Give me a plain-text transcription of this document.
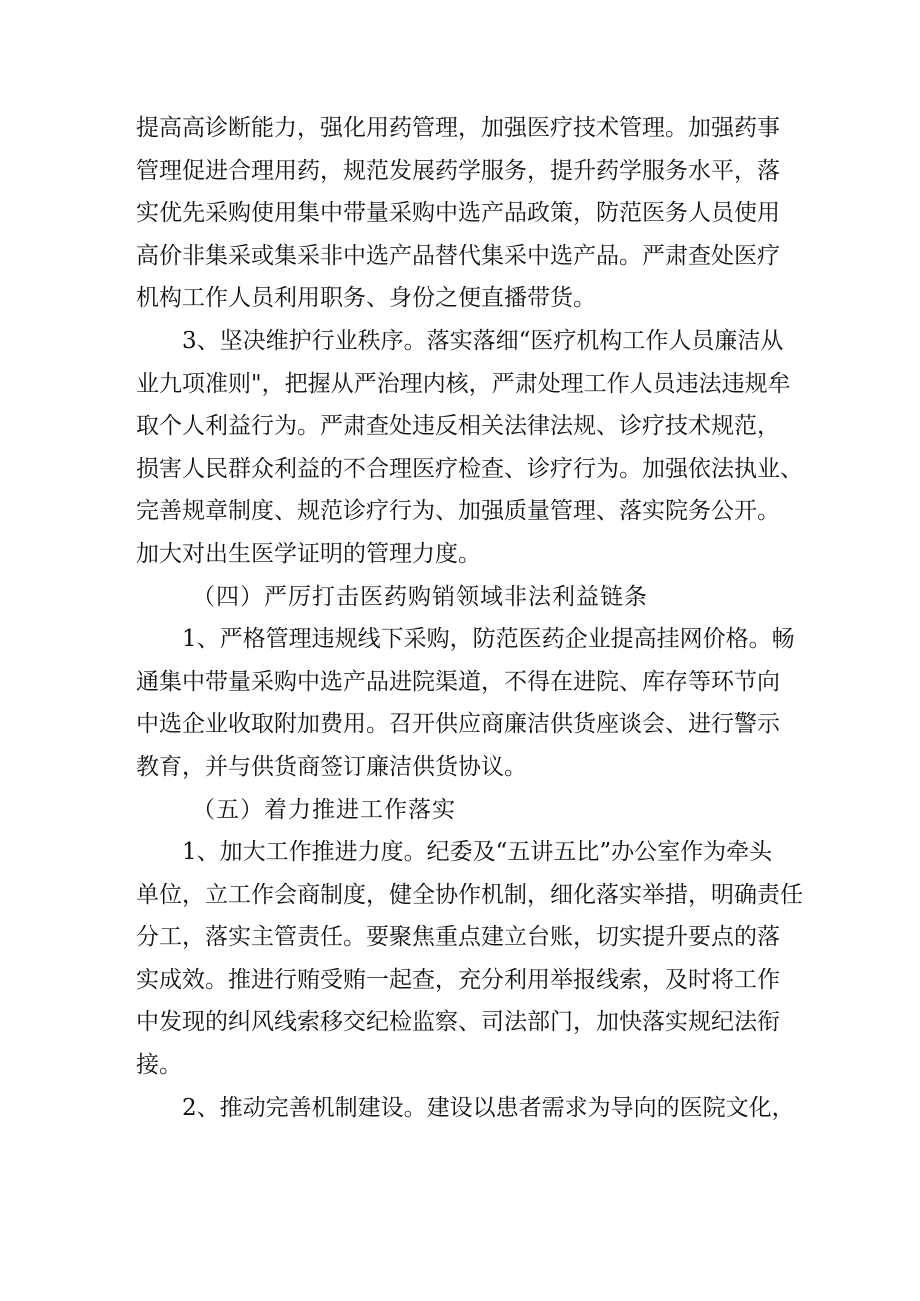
提高高诊断能力，强化用药管理，加强医疗技术管理。加强药事
管理促进合理用药，规范发展药学服务，提升药学服务水平，落
实优先采购使用集中带量采购中选产品政策，防范医务人员使用
高价非集采或集采非中选产品替代集采中选产品。严肃查处医疗
机构工作人员利用职务、身份之便直播带货。
3、坚决维护行业秩序。落实落细“医疗机构工作人员廉洁从
业九项准则"，把握从严治理内核，严肃处理工作人员违法违规牟
取个人利益行为。严肃查处违反相关法律法规、诊疗技术规范，
损害人民群众利益的不合理医疗检查、诊疗行为。加强依法执业、
完善规章制度、规范诊疗行为、加强质量管理、落实院务公开。
加大对出生医学证明的管理力度。
（四）严厉打击医药购销领域非法利益链条
1、严格管理违规线下采购，防范医药企业提高挂网价格。畅
通集中带量采购中选产品进院渠道，不得在进院、库存等环节向
中选企业收取附加费用。召开供应商廉洁供货座谈会、进行警示
教育，并与供货商签订廉洁供货协议。
（五）着力推进工作落实
1、加大工作推进力度。纪委及“五讲五比”办公室作为牵头
单位，立工作会商制度，健全协作机制，细化落实举措，明确责任
分工，落实主管责任。要聚焦重点建立台账，切实提升要点的落
实成效。推进行贿受贿一起查，充分利用举报线索，及时将工作
中发现的纠风线索移交纪检监察、司法部门，加快落实规纪法衔
接。
2、推动完善机制建设。建设以患者需求为导向的医院文化，
